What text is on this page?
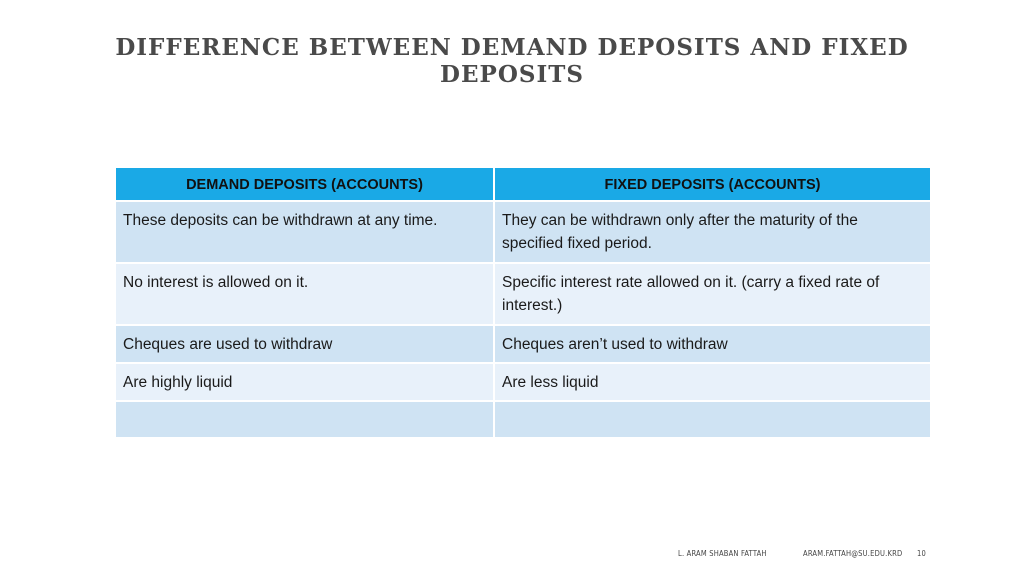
DIFFERENCE BETWEEN DEMAND DEPOSITS AND FIXED DEPOSITS
DEMAND DEPOSITS (ACCOUNTS)	FIXED DEPOSITS (ACCOUNTS)
These deposits can be withdrawn at any time.	They can be withdrawn only after the maturity of the specified fixed period.
No interest is allowed on it.	Specific interest rate allowed on it. (carry a fixed rate of interest.)
Cheques are used to withdraw	Cheques aren’t used to withdraw
Are highly liquid	Are less liquid

L. ARAM SHABAN FATTAH	ARAM.FATTAH@SU.EDU.KRD 10
